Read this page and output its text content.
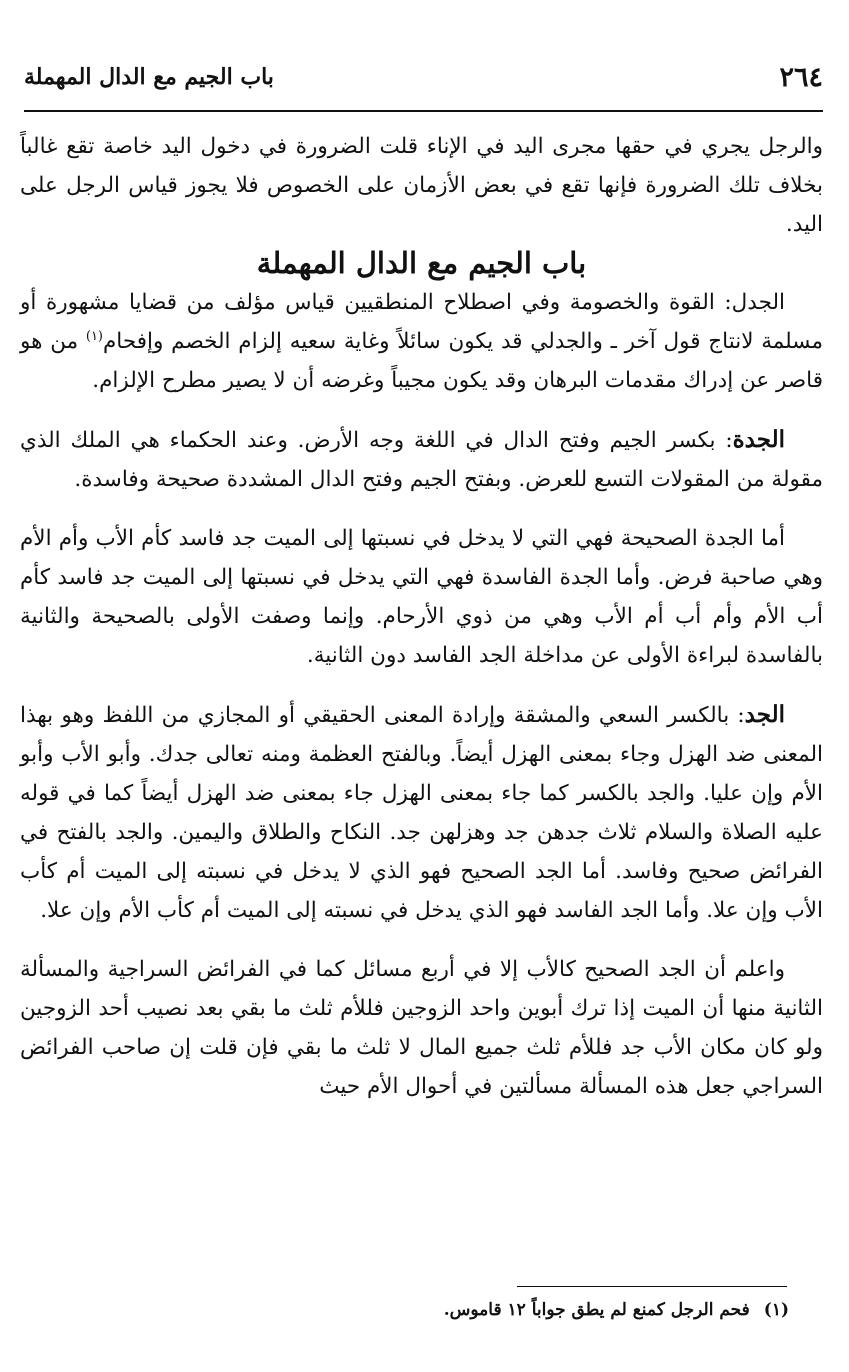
٢٦٤
باب الجيم مع الدال المهملة

والرجل يجري في حقها مجرى اليد في الإناء قلت الضرورة في دخول اليد خاصة تقع غالباً بخلاف تلك الضرورة فإنها تقع في بعض الأزمان على الخصوص فلا يجوز قياس الرجل على اليد.

باب الجيم مع الدال المهملة

الجدل: القوة والخصومة وفي اصطلاح المنطقيين قياس مؤلف من قضايا مشهورة أو مسلمة لانتاج قول آخر ـ والجدلي قد يكون سائلاً وغاية سعيه إلزام الخصم وإفحام$^{(١)}$ من هو قاصر عن إدراك مقدمات البرهان وقد يكون مجيباً وغرضه أن لا يصير مطرح الإلزام.

الجدة: بكسر الجيم وفتح الدال في اللغة وجه الأرض. وعند الحكماء هي الملك الذي مقولة من المقولات التسع للعرض. وبفتح الجيم وفتح الدال المشددة صحيحة وفاسدة.

أما الجدة الصحيحة فهي التي لا يدخل في نسبتها إلى الميت جد فاسد كأم الأب وأم الأم وهي صاحبة فرض. وأما الجدة الفاسدة فهي التي يدخل في نسبتها إلى الميت جد فاسد كأم أب الأم وأم أب أم الأب وهي من ذوي الأرحام. وإنما وصفت الأولى بالصحيحة والثانية بالفاسدة لبراءة الأولى عن مداخلة الجد الفاسد دون الثانية.

الجد: بالكسر السعي والمشقة وإرادة المعنى الحقيقي أو المجازي من اللفظ وهو بهذا المعنى ضد الهزل وجاء بمعنى الهزل أيضاً. وبالفتح العظمة ومنه تعالى جدك. وأبو الأب وأبو الأم وإن عليا. والجد بالكسر كما جاء بمعنى الهزل جاء بمعنى ضد الهزل أيضاً كما في قوله عليه الصلاة والسلام ثلاث جدهن جد وهزلهن جد. النكاح والطلاق واليمين. والجد بالفتح في الفرائض صحيح وفاسد. أما الجد الصحيح فهو الذي لا يدخل في نسبته إلى الميت أم كأب الأب وإن علا. وأما الجد الفاسد فهو الذي يدخل في نسبته إلى الميت أم كأب الأم وإن علا.

واعلم أن الجد الصحيح كالأب إلا في أربع مسائل كما في الفرائض السراجية والمسألة الثانية منها أن الميت إذا ترك أبوين واحد الزوجين فللأم ثلث ما بقي بعد نصيب أحد الزوجين ولو كان مكان الأب جد فللأم ثلث جميع المال لا ثلث ما بقي فإن قلت إن صاحب الفرائض السراجي جعل هذه المسألة مسألتين في أحوال الأم حيث

(١)فحم الرجل كمنع لم يطق جواباً ١٢ قاموس.
